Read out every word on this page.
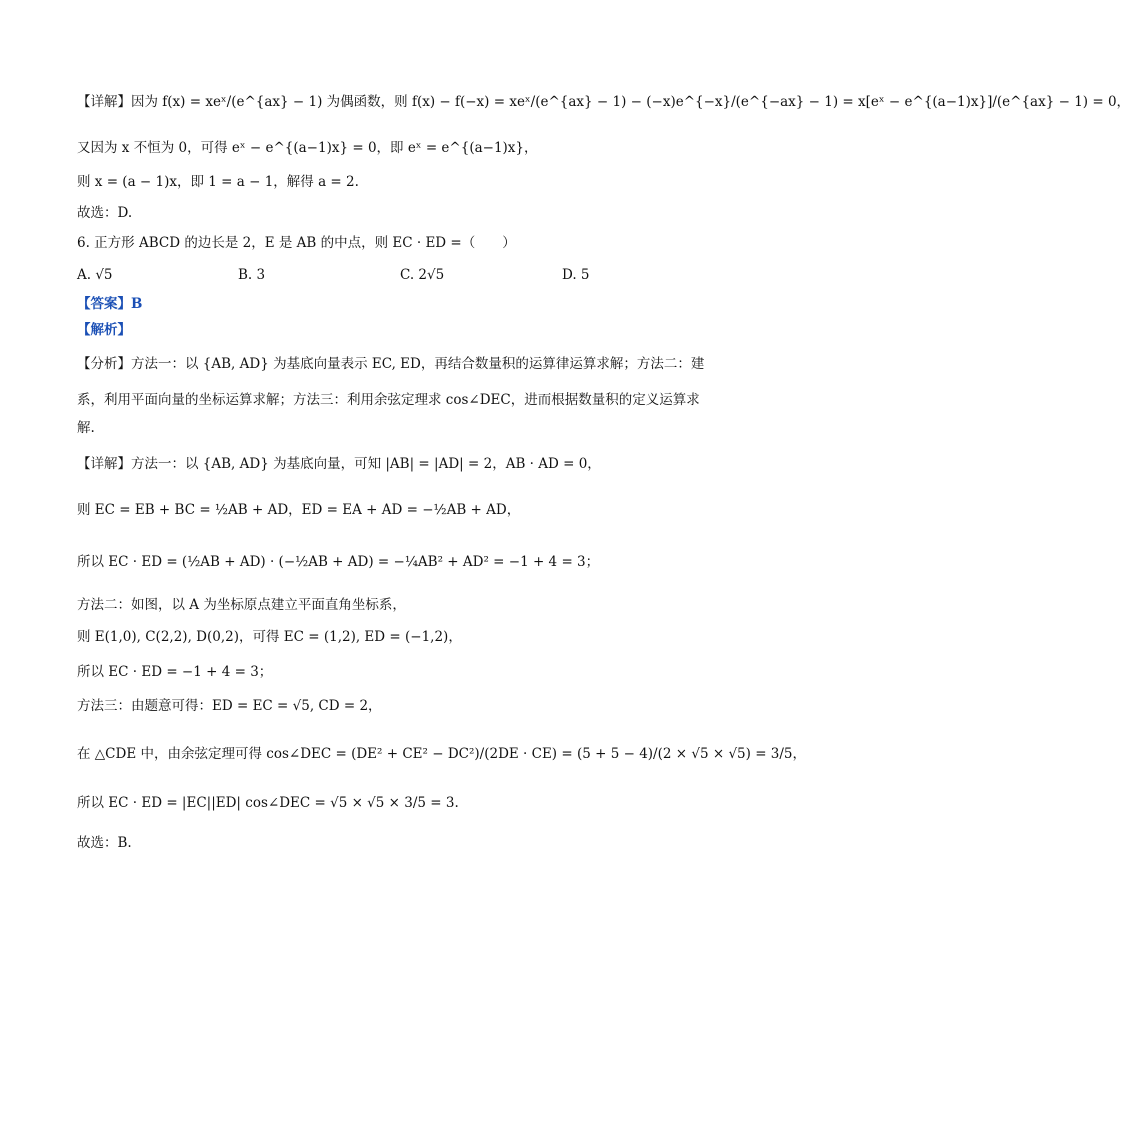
【详解】因为 f(x) = xeˣ/(e^{ax} − 1) 为偶函数，则 f(x) − f(−x) = xeˣ/(e^{ax} − 1) − (−x)e^{−x}/(e^{−ax} − 1) = x[eˣ − e^{(a−1)x}]/(e^{ax} − 1) = 0，
又因为 x 不恒为 0，可得 eˣ − e^{(a−1)x} = 0，即 eˣ = e^{(a−1)x}，
则 x = (a − 1)x，即 1 = a − 1，解得 a = 2.
故选：D.
6. 正方形 ABCD 的边长是 2，E 是 AB 的中点，则 EC · ED =（　　）
A. √5	B. 3	C. 2√5	D. 5
【答案】B
【解析】
【分析】方法一：以 {AB, AD} 为基底向量表示 EC, ED，再结合数量积的运算律运算求解；方法二：建
系，利用平面向量的坐标运算求解；方法三：利用余弦定理求 cos∠DEC，进而根据数量积的定义运算求
解.
【详解】方法一：以 {AB, AD} 为基底向量，可知 |AB| = |AD| = 2，AB · AD = 0，
则 EC = EB + BC = ½AB + AD，ED = EA + AD = −½AB + AD，
所以 EC · ED = (½AB + AD) · (−½AB + AD) = −¼AB² + AD² = −1 + 4 = 3；
方法二：如图，以 A 为坐标原点建立平面直角坐标系，
则 E(1,0), C(2,2), D(0,2)，可得 EC = (1,2), ED = (−1,2)，
所以 EC · ED = −1 + 4 = 3；
方法三：由题意可得：ED = EC = √5, CD = 2，
在 △CDE 中，由余弦定理可得 cos∠DEC = (DE² + CE² − DC²)/(2DE · CE) = (5 + 5 − 4)/(2 × √5 × √5) = 3/5，
所以 EC · ED = |EC||ED| cos∠DEC = √5 × √5 × 3/5 = 3.
故选：B.
